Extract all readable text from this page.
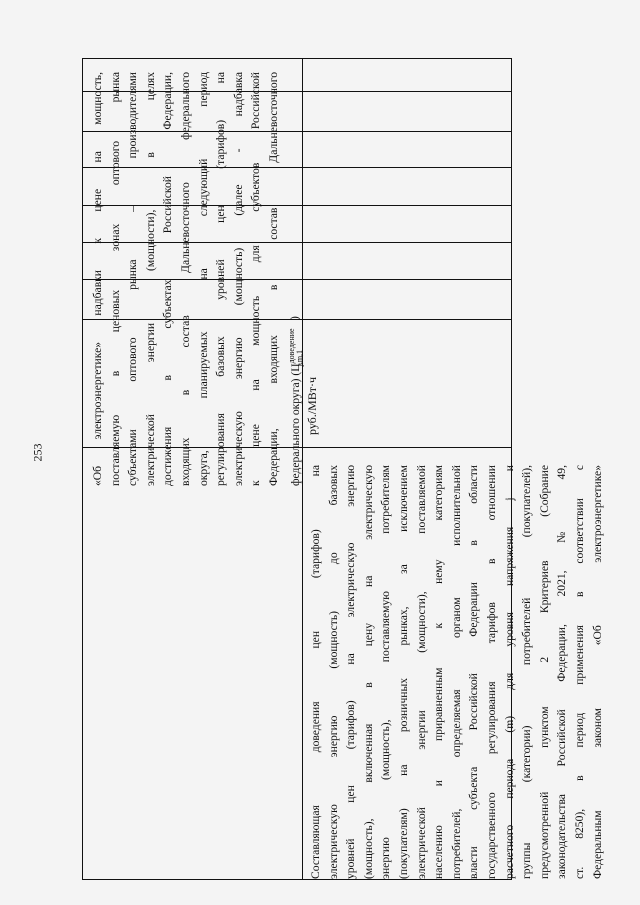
253	«Об электроэнергетике» надбавки к цене на мощность, поставляемую в ценовых зонах оптового рынка субъектами оптового рынка – производителями электрической энергии (мощности), в целях достижения в субъектах Российской Федерации, входящих в состав Дальневосточного федерального округа, планируемых на следующий период регулирования базовых уровней цен (тарифов) на электрическую энергию (мощность) (далее - надбавка к цене на мощность для субъектов Российской Федерации, входящих в состав Дальневосточного федерального округа) $(Ц^{доведение}_{j,m,1})$

Составляющая доведения цен (тарифов) на электрическую энергию (мощность) до базовых уровней цен (тарифов) на электрическую энергию (мощность), включенная в цену на электрическую энергию (мощность), поставляемую потребителям (покупателям) на розничных рынках, за исключением электрической энергии (мощности), поставляемой населению и приравненным к нему категориям потребителей, определяемая органом исполнительной власти субъекта Российской Федерации в области государственного регулирования тарифов в отношении расчетного периода (m) для уровня напряжения j и группы (категории) потребителей (покупателей), предусмотренной пунктом 2 Критериев (Собрание законодательства Российской Федерации, 2021, № 49, ст. 8250), в период применения в соответствии с Федеральным законом «Об электроэнергетике»

руб./МВт·ч
